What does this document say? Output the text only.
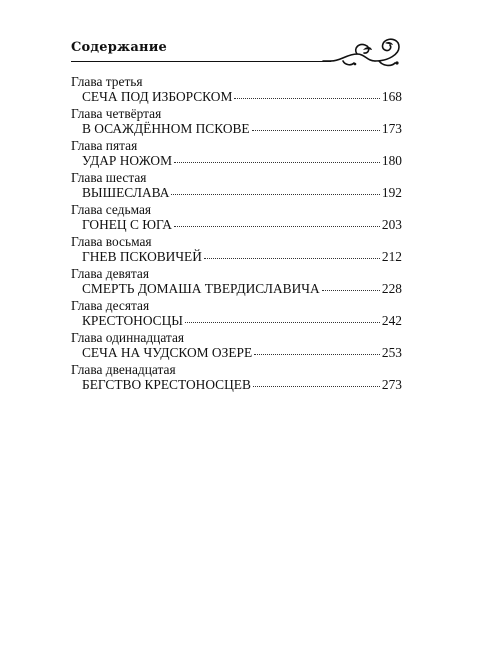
Содержание
Глава третья
СЕЧА ПОД ИЗБОРСКОМ	168
Глава четвёртая
В ОСАЖДЁННОМ ПСКОВЕ	173
Глава пятая
УДАР НОЖОМ	180
Глава шестая
ВЫШЕСЛАВА	192
Глава седьмая
ГОНЕЦ С ЮГА	203
Глава восьмая
ГНЕВ ПСКОВИЧЕЙ	212
Глава девятая
СМЕРТЬ ДОМАША ТВЕРДИСЛАВИЧА	228
Глава десятая
КРЕСТОНОСЦЫ	242
Глава одиннадцатая
СЕЧА НА ЧУДСКОМ ОЗЕРЕ	253
Глава двенадцатая
БЕГСТВО КРЕСТОНОСЦЕВ	273
